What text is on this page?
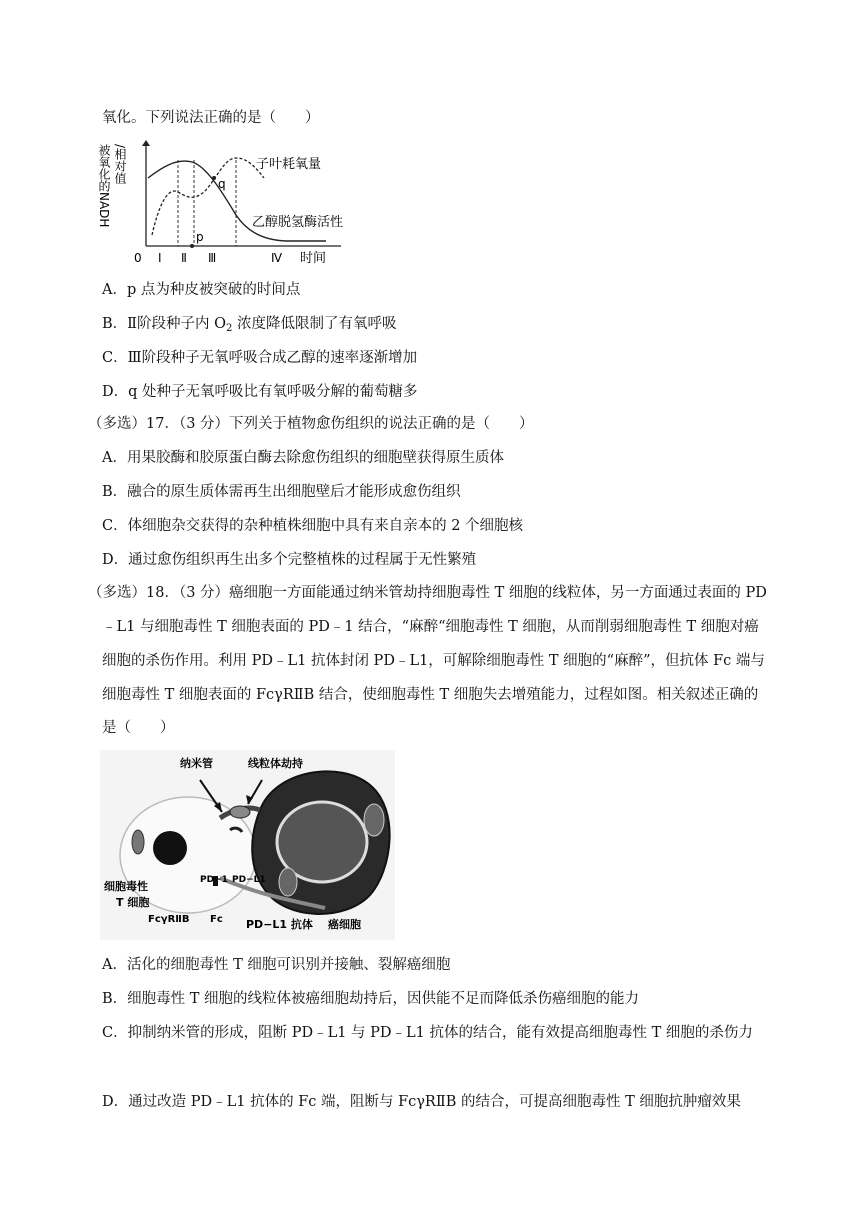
氧化。下列说法正确的是（　　）
被氧化的NADH /相对值	q
p
子叶耗氧量
乙醇脱氢酶活性
0 Ⅰ Ⅱ Ⅲ	Ⅳ 时间
A．p 点为种皮被突破的时间点
B．Ⅱ阶段种子内 $O_2$ 浓度降低限制了有氧呼吸
C．Ⅲ阶段种子无氧呼吸合成乙醇的速率逐渐增加
D．q 处种子无氧呼吸比有氧呼吸分解的葡萄糖多
（多选）17．（3 分）下列关于植物愈伤组织的说法正确的是（　　）
A．用果胶酶和胶原蛋白酶去除愈伤组织的细胞壁获得原生质体
B．融合的原生质体需再生出细胞壁后才能形成愈伤组织
C．体细胞杂交获得的杂种植株细胞中具有来自亲本的 2 个细胞核
D．通过愈伤组织再生出多个完整植株的过程属于无性繁殖
（多选）18．（3 分）癌细胞一方面能通过纳米管劫持细胞毒性 T 细胞的线粒体，另一方面通过表面的 PD
﹣L1 与细胞毒性 T 细胞表面的 PD﹣1 结合，“麻醉“细胞毒性 T 细胞，从而削弱细胞毒性 T 细胞对癌
细胞的杀伤作用。利用 PD﹣L1 抗体封闭 PD﹣L1，可解除细胞毒性 T 细胞的“麻醉”，但抗体 Fc 端与
细胞毒性 T 细胞表面的 FcγRⅡB 结合，使细胞毒性 T 细胞失去增殖能力，过程如图。相关叙述正确的
是（　　）
纳米管	线粒体劫持
细胞毒性
T 细胞
PD−1 PD−L1
FcγRⅡB Fc PD−L1 抗体 癌细胞
A．活化的细胞毒性 T 细胞可识别并接触、裂解癌细胞
B．细胞毒性 T 细胞的线粒体被癌细胞劫持后，因供能不足而降低杀伤癌细胞的能力
C．抑制纳米管的形成，阻断 PD﹣L1 与 PD﹣L1 抗体的结合，能有效提高细胞毒性 T 细胞的杀伤力
D．通过改造 PD﹣L1 抗体的 Fc 端，阻断与 FcγRⅡB 的结合，可提高细胞毒性 T 细胞抗肿瘤效果
